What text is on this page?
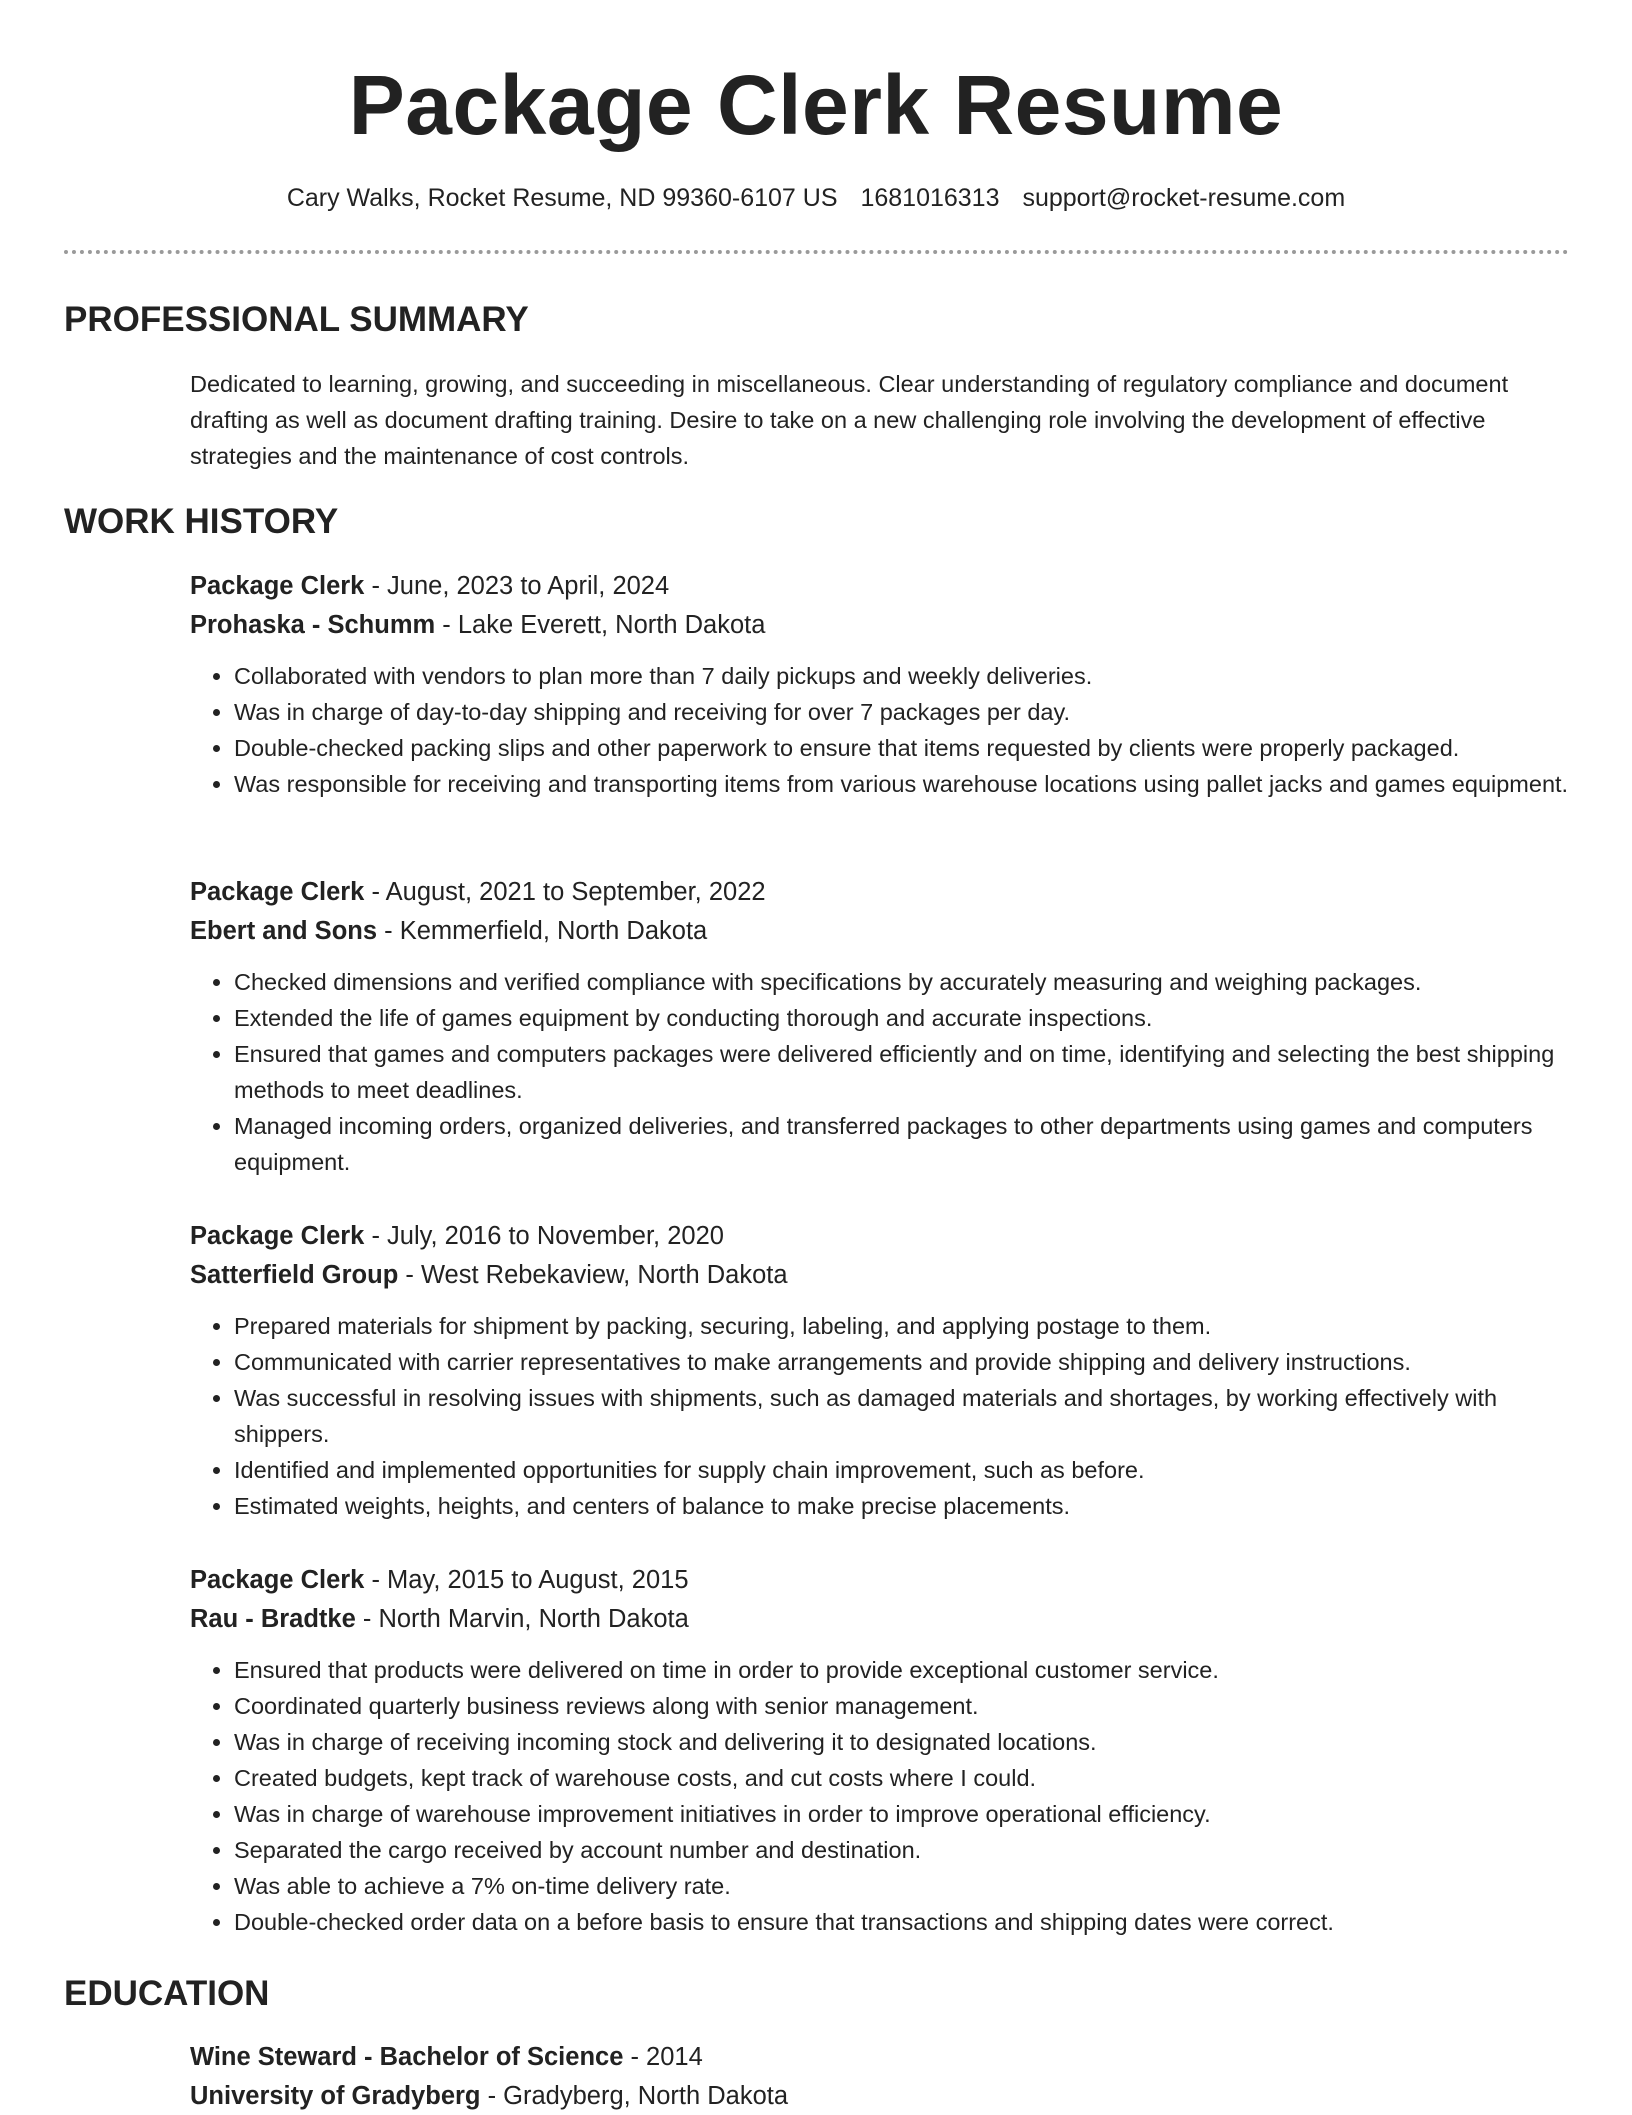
Package Clerk Resume
Cary Walks, Rocket Resume, ND 99360-6107 US 1681016313 support@rocket-resume.com
PROFESSIONAL SUMMARY
Dedicated to learning, growing, and succeeding in miscellaneous. Clear understanding of regulatory compliance and document drafting as well as document drafting training. Desire to take on a new challenging role involving the development of effective strategies and the maintenance of cost controls.
WORK HISTORY
Package Clerk - June, 2023 to April, 2024
Prohaska - Schumm - Lake Everett, North Dakota
• Collaborated with vendors to plan more than 7 daily pickups and weekly deliveries.
• Was in charge of day-to-day shipping and receiving for over 7 packages per day.
• Double-checked packing slips and other paperwork to ensure that items requested by clients were properly packaged.
• Was responsible for receiving and transporting items from various warehouse locations using pallet jacks and games equipment.
Package Clerk - August, 2021 to September, 2022
Ebert and Sons - Kemmerfield, North Dakota
• Checked dimensions and verified compliance with specifications by accurately measuring and weighing packages.
• Extended the life of games equipment by conducting thorough and accurate inspections.
• Ensured that games and computers packages were delivered efficiently and on time, identifying and selecting the best shipping methods to meet deadlines.
• Managed incoming orders, organized deliveries, and transferred packages to other departments using games and computers equipment.
Package Clerk - July, 2016 to November, 2020
Satterfield Group - West Rebekaview, North Dakota
• Prepared materials for shipment by packing, securing, labeling, and applying postage to them.
• Communicated with carrier representatives to make arrangements and provide shipping and delivery instructions.
• Was successful in resolving issues with shipments, such as damaged materials and shortages, by working effectively with shippers.
• Identified and implemented opportunities for supply chain improvement, such as before.
• Estimated weights, heights, and centers of balance to make precise placements.
Package Clerk - May, 2015 to August, 2015
Rau - Bradtke - North Marvin, North Dakota
• Ensured that products were delivered on time in order to provide exceptional customer service.
• Coordinated quarterly business reviews along with senior management.
• Was in charge of receiving incoming stock and delivering it to designated locations.
• Created budgets, kept track of warehouse costs, and cut costs where I could.
• Was in charge of warehouse improvement initiatives in order to improve operational efficiency.
• Separated the cargo received by account number and destination.
• Was able to achieve a 7% on-time delivery rate.
• Double-checked order data on a before basis to ensure that transactions and shipping dates were correct.
EDUCATION
Wine Steward - Bachelor of Science - 2014
University of Gradyberg - Gradyberg, North Dakota
